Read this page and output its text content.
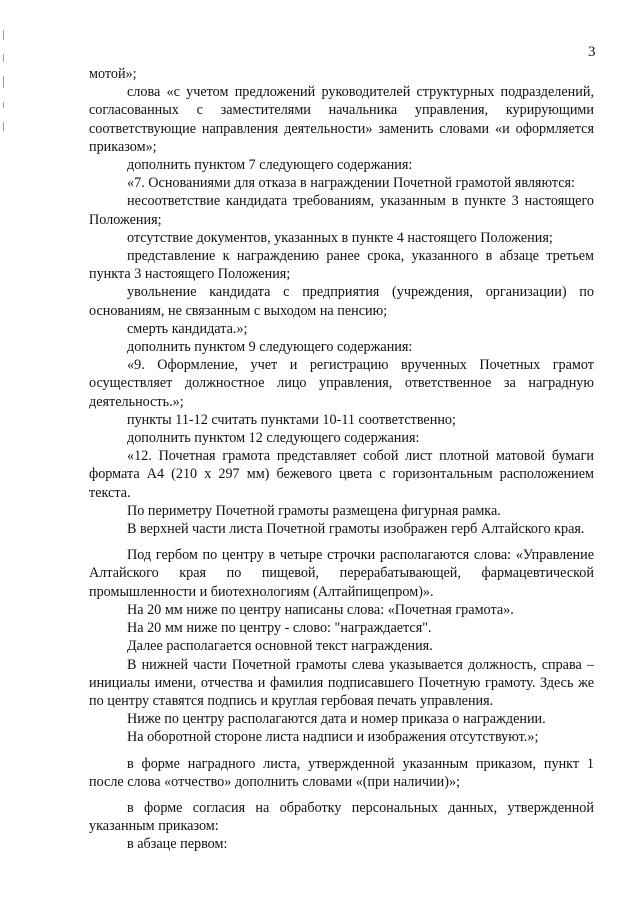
3

мотой»;

слова «с учетом предложений руководителей структурных подразделений, согласованных с заместителями начальника управления, курирующими соответствующие направления деятельности» заменить словами «и оформляется приказом»;

дополнить пунктом 7 следующего содержания:

«7. Основаниями для отказа в награждении Почетной грамотой являются:

несоответствие кандидата требованиям, указанным в пункте 3 настоящего Положения;

отсутствие документов, указанных в пункте 4 настоящего Положения;

представление к награждению ранее срока, указанного в абзаце третьем пункта 3 настоящего Положения;

увольнение кандидата с предприятия (учреждения, организации) по основаниям, не связанным с выходом на пенсию;

смерть кандидата.»;

дополнить пунктом 9 следующего содержания:

«9. Оформление, учет и регистрацию врученных Почетных грамот осуществляет должностное лицо управления, ответственное за наградную деятельность.»;

пункты 11-12 считать пунктами 10-11 соответственно;

дополнить пунктом 12 следующего содержания:

«12. Почетная грамота представляет собой лист плотной матовой бумаги формата А4 (210 х 297 мм) бежевого цвета с горизонтальным расположением текста.

По периметру Почетной грамоты размещена фигурная рамка.

В верхней части листа Почетной грамоты изображен герб Алтайского края.

Под гербом по центру в четыре строчки располагаются слова: «Управление Алтайского края по пищевой, перерабатывающей, фармацевтической промышленности и биотехнологиям (Алтайпищепром)».

На 20 мм ниже по центру написаны слова: «Почетная грамота».

На 20 мм ниже по центру - слово: "награждается".

Далее располагается основной текст награждения.

В нижней части Почетной грамоты слева указывается должность, справа – инициалы имени, отчества и фамилия подписавшего Почетную грамоту. Здесь же по центру ставятся подпись и круглая гербовая печать управления.

Ниже по центру располагаются дата и номер приказа о награждении.

На оборотной стороне листа надписи и изображения отсутствуют.»;

в форме наградного листа, утвержденной указанным приказом, пункт 1 после слова «отчество» дополнить словами «(при наличии)»;

в форме согласия на обработку персональных данных, утвержденной указанным приказом:

в абзаце первом:
